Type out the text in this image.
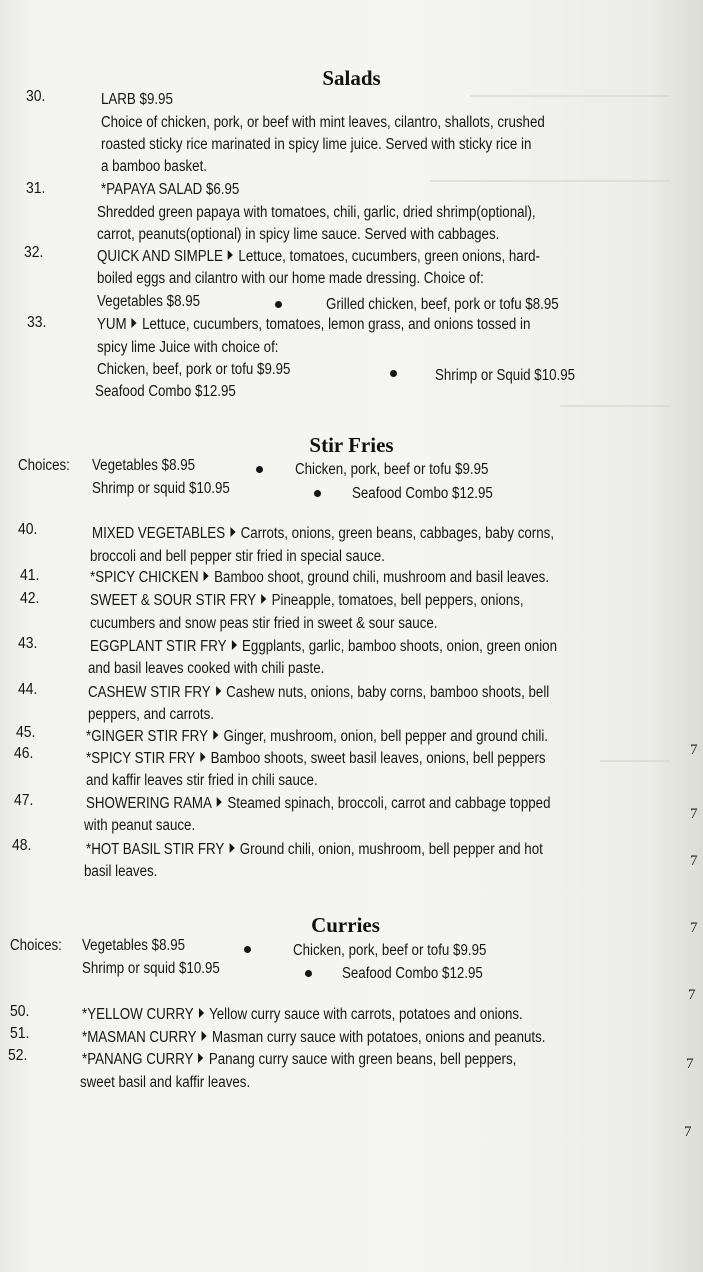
Salads
30.	LARB $9.95
Choice of chicken, pork, or beef with mint leaves, cilantro, shallots, crushed
roasted sticky rice marinated in spicy lime juice. Served with sticky rice in
a bamboo basket.
31.	*PAPAYA SALAD $6.95
Shredded green papaya with tomatoes, chili, garlic, dried shrimp(optional),
carrot, peanuts(optional) in spicy lime sauce. Served with cabbages.
32.	QUICK AND SIMPLE Lettuce, tomatoes, cucumbers, green onions, hard-
boiled eggs and cilantro with our home made dressing. Choice of:
Vegetables $8.95	Grilled chicken, beef, pork or tofu $8.95
33.	YUM Lettuce, cucumbers, tomatoes, lemon grass, and onions tossed in
spicy lime Juice with choice of:
Chicken, beef, pork or tofu $9.95	Shrimp or Squid $10.95
Seafood Combo $12.95
Stir Fries
Choices: Vegetables $8.95	Chicken, pork, beef or tofu $9.95
Shrimp or squid $10.95	Seafood Combo $12.95
40.	MIXED VEGETABLES Carrots, onions, green beans, cabbages, baby corns,
broccoli and bell pepper stir fried in special sauce.
41.	*SPICY CHICKEN Bamboo shoot, ground chili, mushroom and basil leaves.
42.	SWEET & SOUR STIR FRY Pineapple, tomatoes, bell peppers, onions,
cucumbers and snow peas stir fried in sweet & sour sauce.
43.	EGGPLANT STIR FRY Eggplants, garlic, bamboo shoots, onion, green onion
and basil leaves cooked with chili paste.
44.	CASHEW STIR FRY Cashew nuts, onions, baby corns, bamboo shoots, bell
peppers, and carrots.
45.	*GINGER STIR FRY Ginger, mushroom, onion, bell pepper and ground chili.
46.	*SPICY STIR FRY Bamboo shoots, sweet basil leaves, onions, bell peppers
and kaffir leaves stir fried in chili sauce.
47.	SHOWERING RAMA Steamed spinach, broccoli, carrot and cabbage topped
with peanut sauce.
48.	*HOT BASIL STIR FRY Ground chili, onion, mushroom, bell pepper and hot
basil leaves.
Curries
Choices: Vegetables $8.95	Chicken, pork, beef or tofu $9.95
Shrimp or squid $10.95	Seafood Combo $12.95
50.	*YELLOW CURRY Yellow curry sauce with carrots, potatoes and onions.
51.	*MASMAN CURRY Masman curry sauce with potatoes, onions and peanuts.
52.	*PANANG CURRY Panang curry sauce with green beans, bell peppers,
sweet basil and kaffir leaves.
7
7
7
7
7
7
7
